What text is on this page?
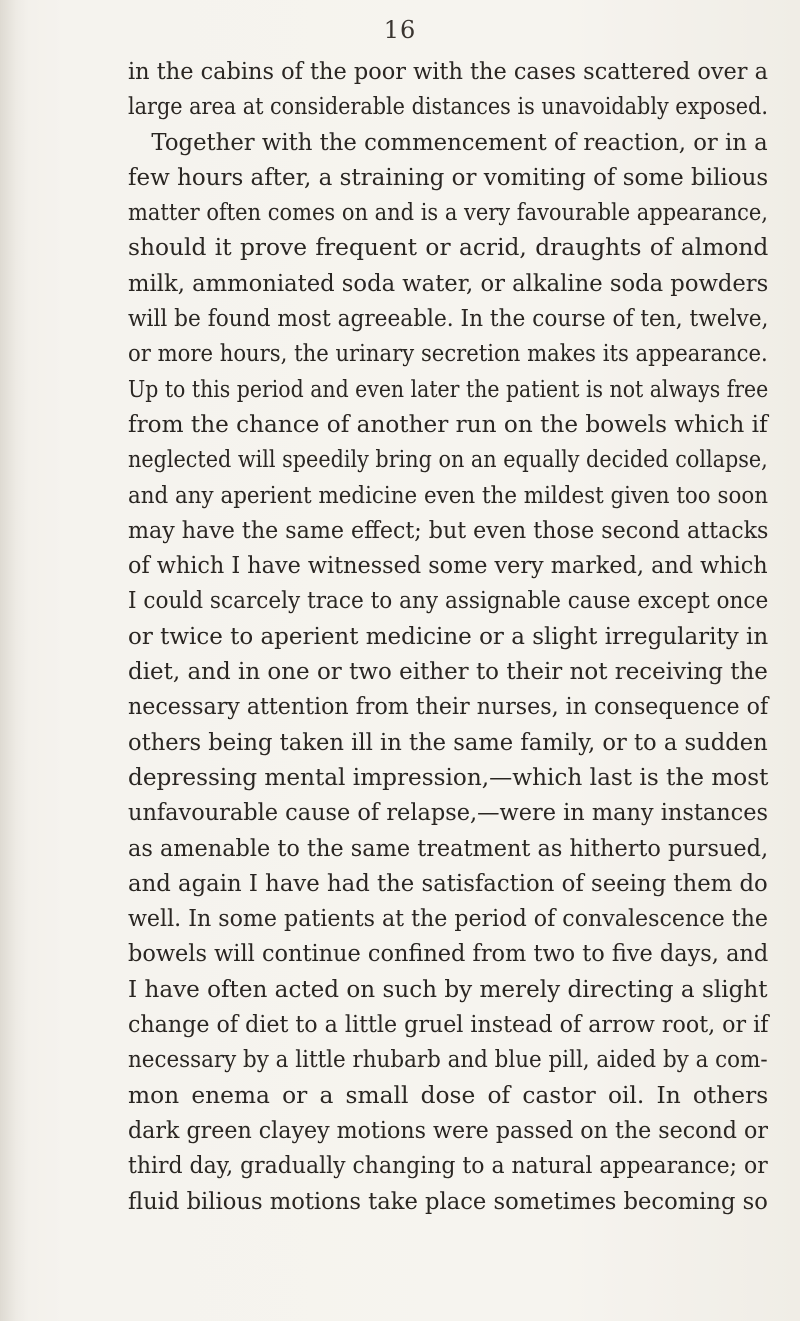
16
in the cabins of the poor with the cases scattered over a
large area at considerable distances is unavoidably exposed.
Together with the commencement of reaction, or in a
few hours after, a straining or vomiting of some bilious
matter often comes on and is a very favourable appearance,
should it prove frequent or acrid, draughts of almond
milk, ammoniated soda water, or alkaline soda powders
will be found most agreeable. In the course of ten, twelve,
or more hours, the urinary secretion makes its appearance.
Up to this period and even later the patient is not always free
from the chance of another run on the bowels which if
neglected will speedily bring on an equally decided collapse,
and any aperient medicine even the mildest given too soon
may have the same effect; but even those second attacks
of which I have witnessed some very marked, and which
I could scarcely trace to any assignable cause except once
or twice to aperient medicine or a slight irregularity in
diet, and in one or two either to their not receiving the
necessary attention from their nurses, in consequence of
others being taken ill in the same family, or to a sudden
depressing mental impression,—which last is the most
unfavourable cause of relapse,—were in many instances
as amenable to the same treatment as hitherto pursued,
and again I have had the satisfaction of seeing them do
well. In some patients at the period of convalescence the
bowels will continue confined from two to five days, and
I have often acted on such by merely directing a slight
change of diet to a little gruel instead of arrow root, or if
necessary by a little rhubarb and blue pill, aided by a com-
mon enema or a small dose of castor oil. In others
dark green clayey motions were passed on the second or
third day, gradually changing to a natural appearance; or
fluid bilious motions take place sometimes becoming so
